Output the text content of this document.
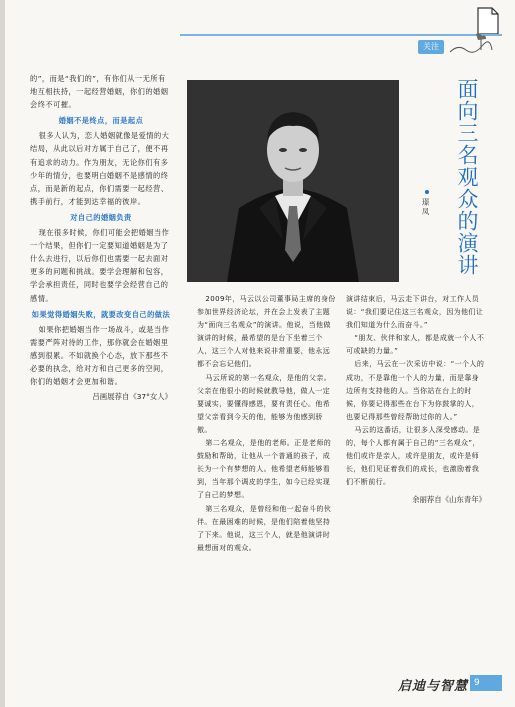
关注

的”，而是“我们的”，有你们从一无所有地互相扶持，一起经营婚姻，你们的婚姻会终不可摧。

婚姻不是终点，而是起点

很多人认为，恋人婚姻就像是爱情的大结局，从此以后对方属于自己了，便不再有追求的动力。作为朋友，无论你们有多少年的情分，也要明白婚姻不是感情的终点，而是新的起点，你们需要一起经营、携手前行，才能到达幸福的彼岸。

对自己的婚姻负责

现在很多时候，你们可能会把婚姻当作一个结果，但你们一定要知道婚姻是为了什么去进行，以后你们也需要一起去面对更多的问题和挑战。要学会理解和包容，学会承担责任，同时也要学会经营自己的感情。

如果觉得婚姻失败，就要改变自己的做法

如果你把婚姻当作一场战斗，或是当作需要严阵对待的工作，那你就会在婚姻里感到很累。不如就换个心态，放下那些不必要的执念，给对方和自己更多的空间，你们的婚姻才会更加和谐。

吕画展荐自《37°女人》
面向三名观众的演讲
璟凤

2009年，马云以公司董事局主席的身份参加世界经济论坛，并在会上发表了主题为“面向三名观众”的演讲。他说，当他做演讲的时候，最希望的是台下坐着三个人，这三个人对他来说非常重要，他永远都不会忘记他们。

马云所说的第一名观众，是他的父亲。父亲在他很小的时候就教导他，做人一定要诚实，要懂得感恩，要有责任心。他希望父亲看到今天的他，能够为他感到骄傲。

第二名观众，是他的老师。正是老师的鼓励和帮助，让他从一个普通的孩子，成长为一个有梦想的人。他希望老师能够看到，当年那个调皮的学生，如今已经实现了自己的梦想。

第三名观众，是曾经和他一起奋斗的伙伴。在最困难的时候，是他们陪着他坚持了下来。他说，这三个人，就是他演讲时最想面对的观众。

演讲结束后，马云走下讲台，对工作人员说：“我们要记住这三名观众，因为他们让我们知道为什么而奋斗。”

“朋友、伙伴和家人，都是成就一个人不可或缺的力量。”

后来，马云在一次采访中说：“一个人的成功，不是靠他一个人的力量，而是靠身边所有支持他的人。当你站在台上的时候，你要记得那些在台下为你鼓掌的人，也要记得那些曾经帮助过你的人。”

马云的这番话，让很多人深受感动。是的，每个人都有属于自己的“三名观众”，他们或许是亲人，或许是朋友，或许是师长，他们见证着我们的成长，也激励着我们不断前行。

余丽荐自《山东青年》
启迪与智慧 9
